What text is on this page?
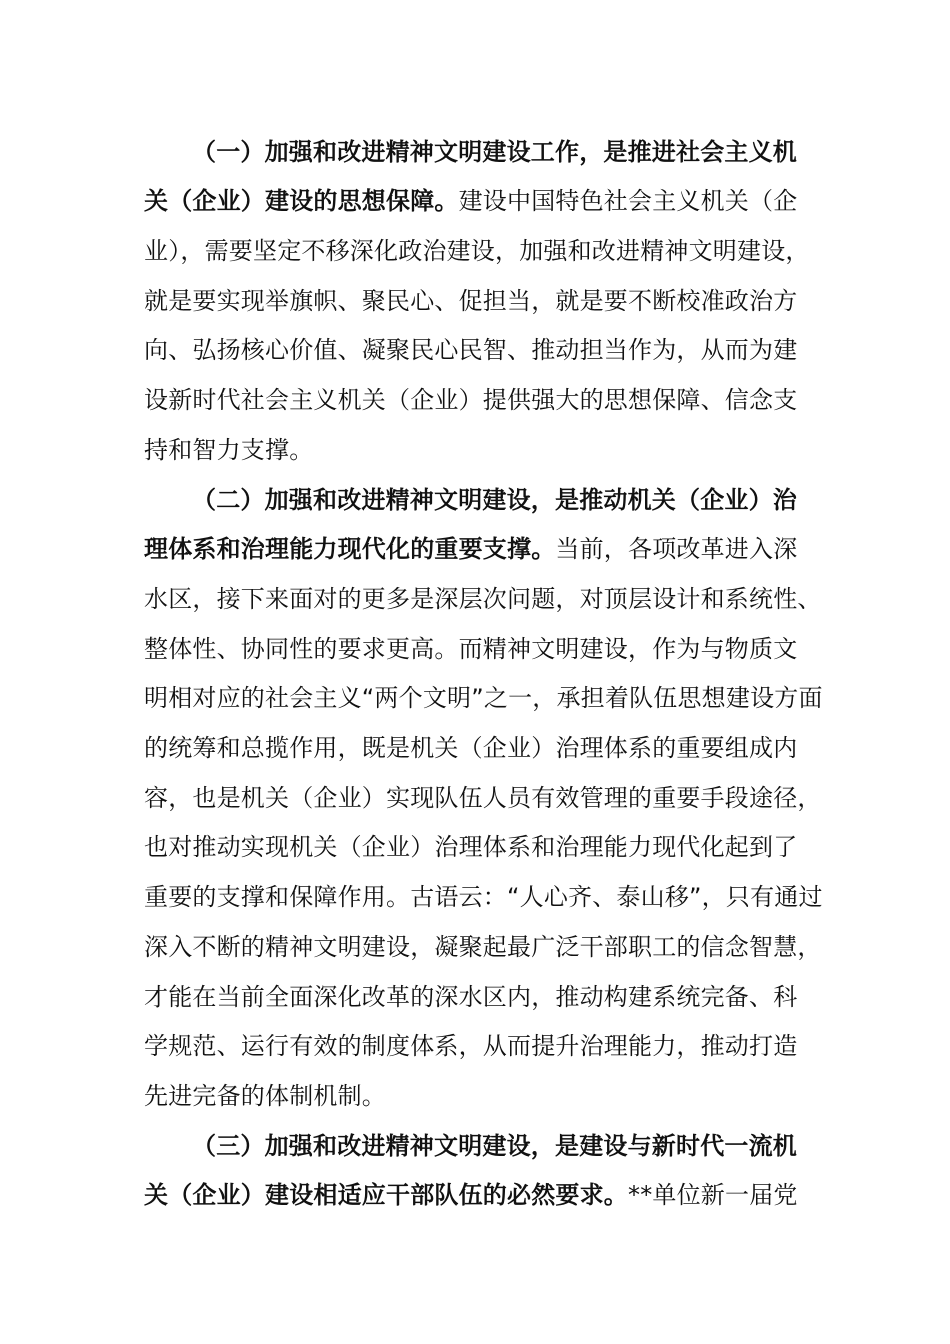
（一）加强和改进精神文明建设工作，是推进社会主义机
关（企业）建设的思想保障。建设中国特色社会主义机关（企
业），需要坚定不移深化政治建设，加强和改进精神文明建设，
就是要实现举旗帜、聚民心、促担当，就是要不断校准政治方
向、弘扬核心价值、凝聚民心民智、推动担当作为，从而为建
设新时代社会主义机关（企业）提供强大的思想保障、信念支
持和智力支撑。
（二）加强和改进精神文明建设，是推动机关（企业）治
理体系和治理能力现代化的重要支撑。当前，各项改革进入深
水区，接下来面对的更多是深层次问题，对顶层设计和系统性、
整体性、协同性的要求更高。而精神文明建设，作为与物质文
明相对应的社会主义“两个文明”之一，承担着队伍思想建设方面
的统筹和总揽作用，既是机关（企业）治理体系的重要组成内
容，也是机关（企业）实现队伍人员有效管理的重要手段途径，
也对推动实现机关（企业）治理体系和治理能力现代化起到了
重要的支撑和保障作用。古语云：“人心齐、泰山移”，只有通过
深入不断的精神文明建设，凝聚起最广泛干部职工的信念智慧，
才能在当前全面深化改革的深水区内，推动构建系统完备、科
学规范、运行有效的制度体系，从而提升治理能力，推动打造
先进完备的体制机制。
（三）加强和改进精神文明建设，是建设与新时代一流机
关（企业）建设相适应干部队伍的必然要求。**单位新一届党
